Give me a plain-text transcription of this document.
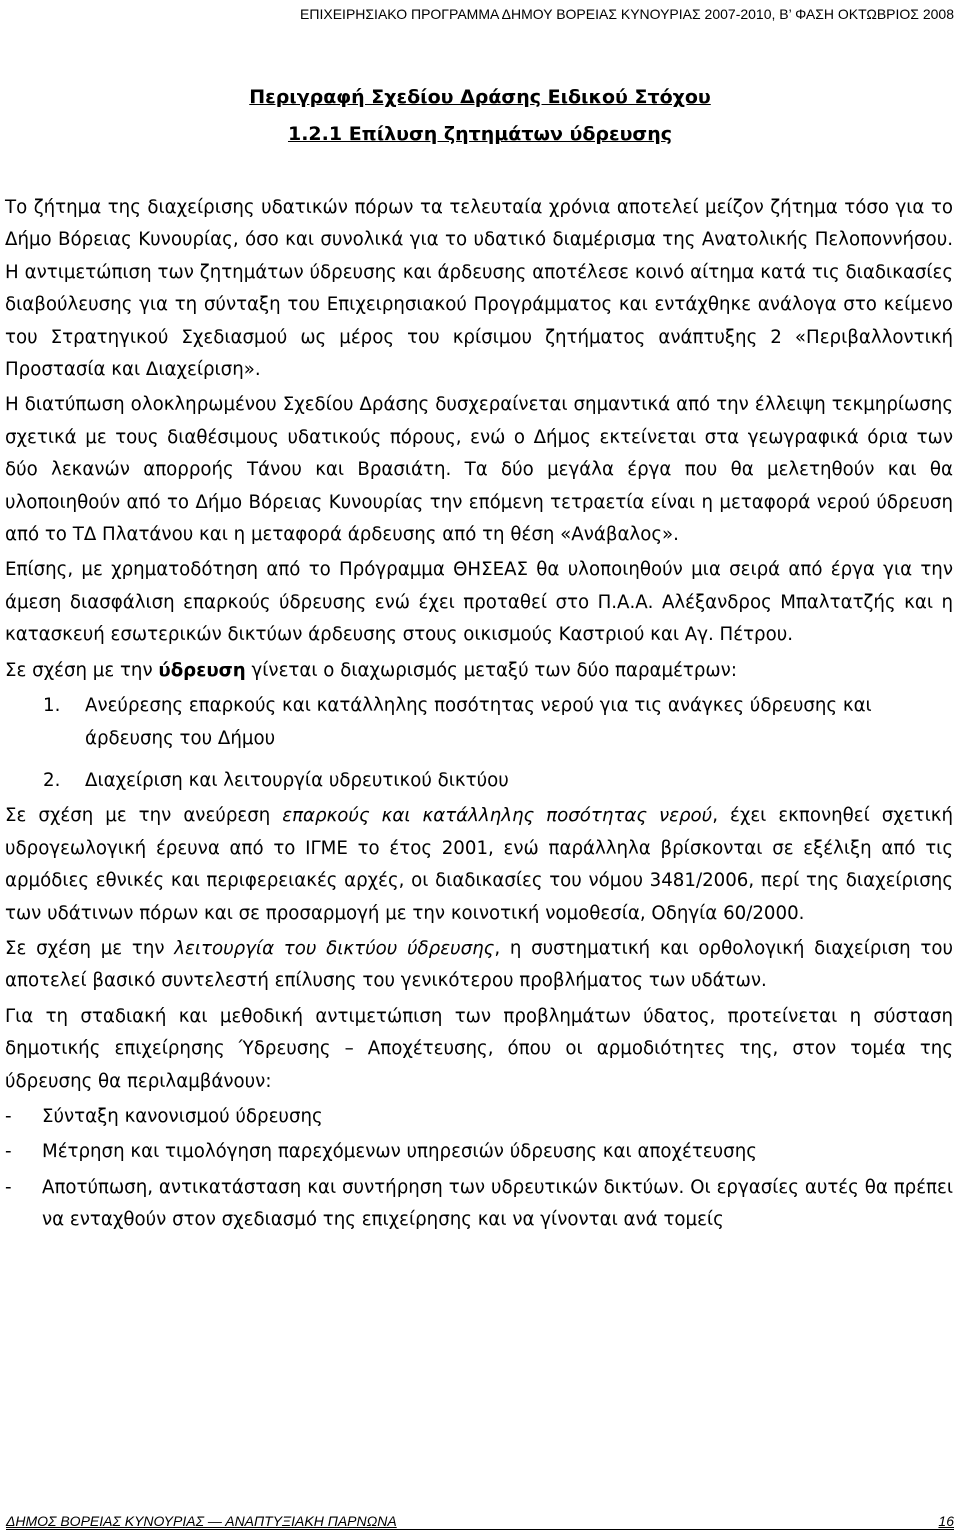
ΕΠΙΧΕΙΡΗΣΙΑΚΟ ΠΡΟΓΡΑΜΜΑ ΔΗΜΟΥ ΒΟΡΕΙΑΣ ΚΥΝΟΥΡΙΑΣ 2007-2010, Β’ ΦΑΣΗ ΟΚΤΩΒΡΙΟΣ 2008
Περιγραφή Σχεδίου Δράσης Ειδικού Στόχου
1.2.1 Επίλυση ζητημάτων ύδρευσης

Το ζήτημα της διαχείρισης υδατικών πόρων τα τελευταία χρόνια αποτελεί μείζον ζήτημα τόσο για το Δήμο Βόρειας Κυνουρίας, όσο και συνολικά για το υδατικό διαμέρισμα της Ανατολικής Πελοποννήσου. Η αντιμετώπιση των ζητημάτων ύδρευσης και άρδευσης αποτέλεσε κοινό αίτημα κατά τις διαδικασίες διαβούλευσης για τη σύνταξη του Επιχειρησιακού Προγράμματος και εντάχθηκε ανάλογα στο κείμενο του Στρατηγικού Σχεδιασμού ως μέρος του κρίσιμου ζητήματος ανάπτυξης 2 «Περιβαλλοντική Προστασία και Διαχείριση».

Η διατύπωση ολοκληρωμένου Σχεδίου Δράσης δυσχεραίνεται σημαντικά από την έλλειψη τεκμηρίωσης σχετικά με τους διαθέσιμους υδατικούς πόρους, ενώ ο Δήμος εκτείνεται στα γεωγραφικά όρια των δύο λεκανών απορροής Τάνου και Βρασιάτη. Τα δύο μεγάλα έργα που θα μελετηθούν και θα υλοποιηθούν από το Δήμο Βόρειας Κυνουρίας την επόμενη τετραετία είναι η μεταφορά νερού ύδρευση από το ΤΔ Πλατάνου και η μεταφορά άρδευσης από τη θέση «Ανάβαλος».

Επίσης, με χρηματοδότηση από το Πρόγραμμα ΘΗΣΕΑΣ θα υλοποιηθούν μια σειρά από έργα για την άμεση διασφάλιση επαρκούς ύδρευσης ενώ έχει προταθεί στο Π.Α.Α. Αλέξανδρος Μπαλτατζής και η κατασκευή εσωτερικών δικτύων άρδευσης στους οικισμούς Καστριού και Αγ. Πέτρου.

Σε σχέση με την ύδρευση γίνεται ο διαχωρισμός μεταξύ των δύο παραμέτρων:

1. Ανεύρεσης επαρκούς και κατάλληλης ποσότητας νερού για τις ανάγκες ύδρευσης και άρδευσης του Δήμου

2. Διαχείριση και λειτουργία υδρευτικού δικτύου

Σε σχέση με την ανεύρεση επαρκούς και κατάλληλης ποσότητας νερού, έχει εκπονηθεί σχετική υδρογεωλογική έρευνα από το ΙΓΜΕ το έτος 2001, ενώ παράλληλα βρίσκονται σε εξέλιξη από τις αρμόδιες εθνικές και περιφερειακές αρχές, οι διαδικασίες του νόμου 3481/2006, περί της διαχείρισης των υδάτινων πόρων και σε προσαρμογή με την κοινοτική νομοθεσία, Οδηγία 60/2000.

Σε σχέση με την λειτουργία του δικτύου ύδρευσης, η συστηματική και ορθολογική διαχείριση του αποτελεί βασικό συντελεστή επίλυσης του γενικότερου προβλήματος των υδάτων.

Για τη σταδιακή και μεθοδική αντιμετώπιση των προβλημάτων ύδατος, προτείνεται η σύσταση δημοτικής επιχείρησης Ύδρευσης – Αποχέτευσης, όπου οι αρμοδιότητες της, στον τομέα της ύδρευσης θα περιλαμβάνουν:

- Σύνταξη κανονισμού ύδρευσης

- Μέτρηση και τιμολόγηση παρεχόμενων υπηρεσιών ύδρευσης και αποχέτευσης

- Αποτύπωση, αντικατάσταση και συντήρηση των υδρευτικών δικτύων. Οι εργασίες αυτές θα πρέπει να ενταχθούν στον σχεδιασμό της επιχείρησης και να γίνονται ανά τομείς

ΔΗΜΟΣ ΒΟΡΕΙΑΣ ΚΥΝΟΥΡΙΑΣ — ΑΝΑΠΤΥΞΙΑΚΗ ΠΑΡΝΩΝΑ	16
